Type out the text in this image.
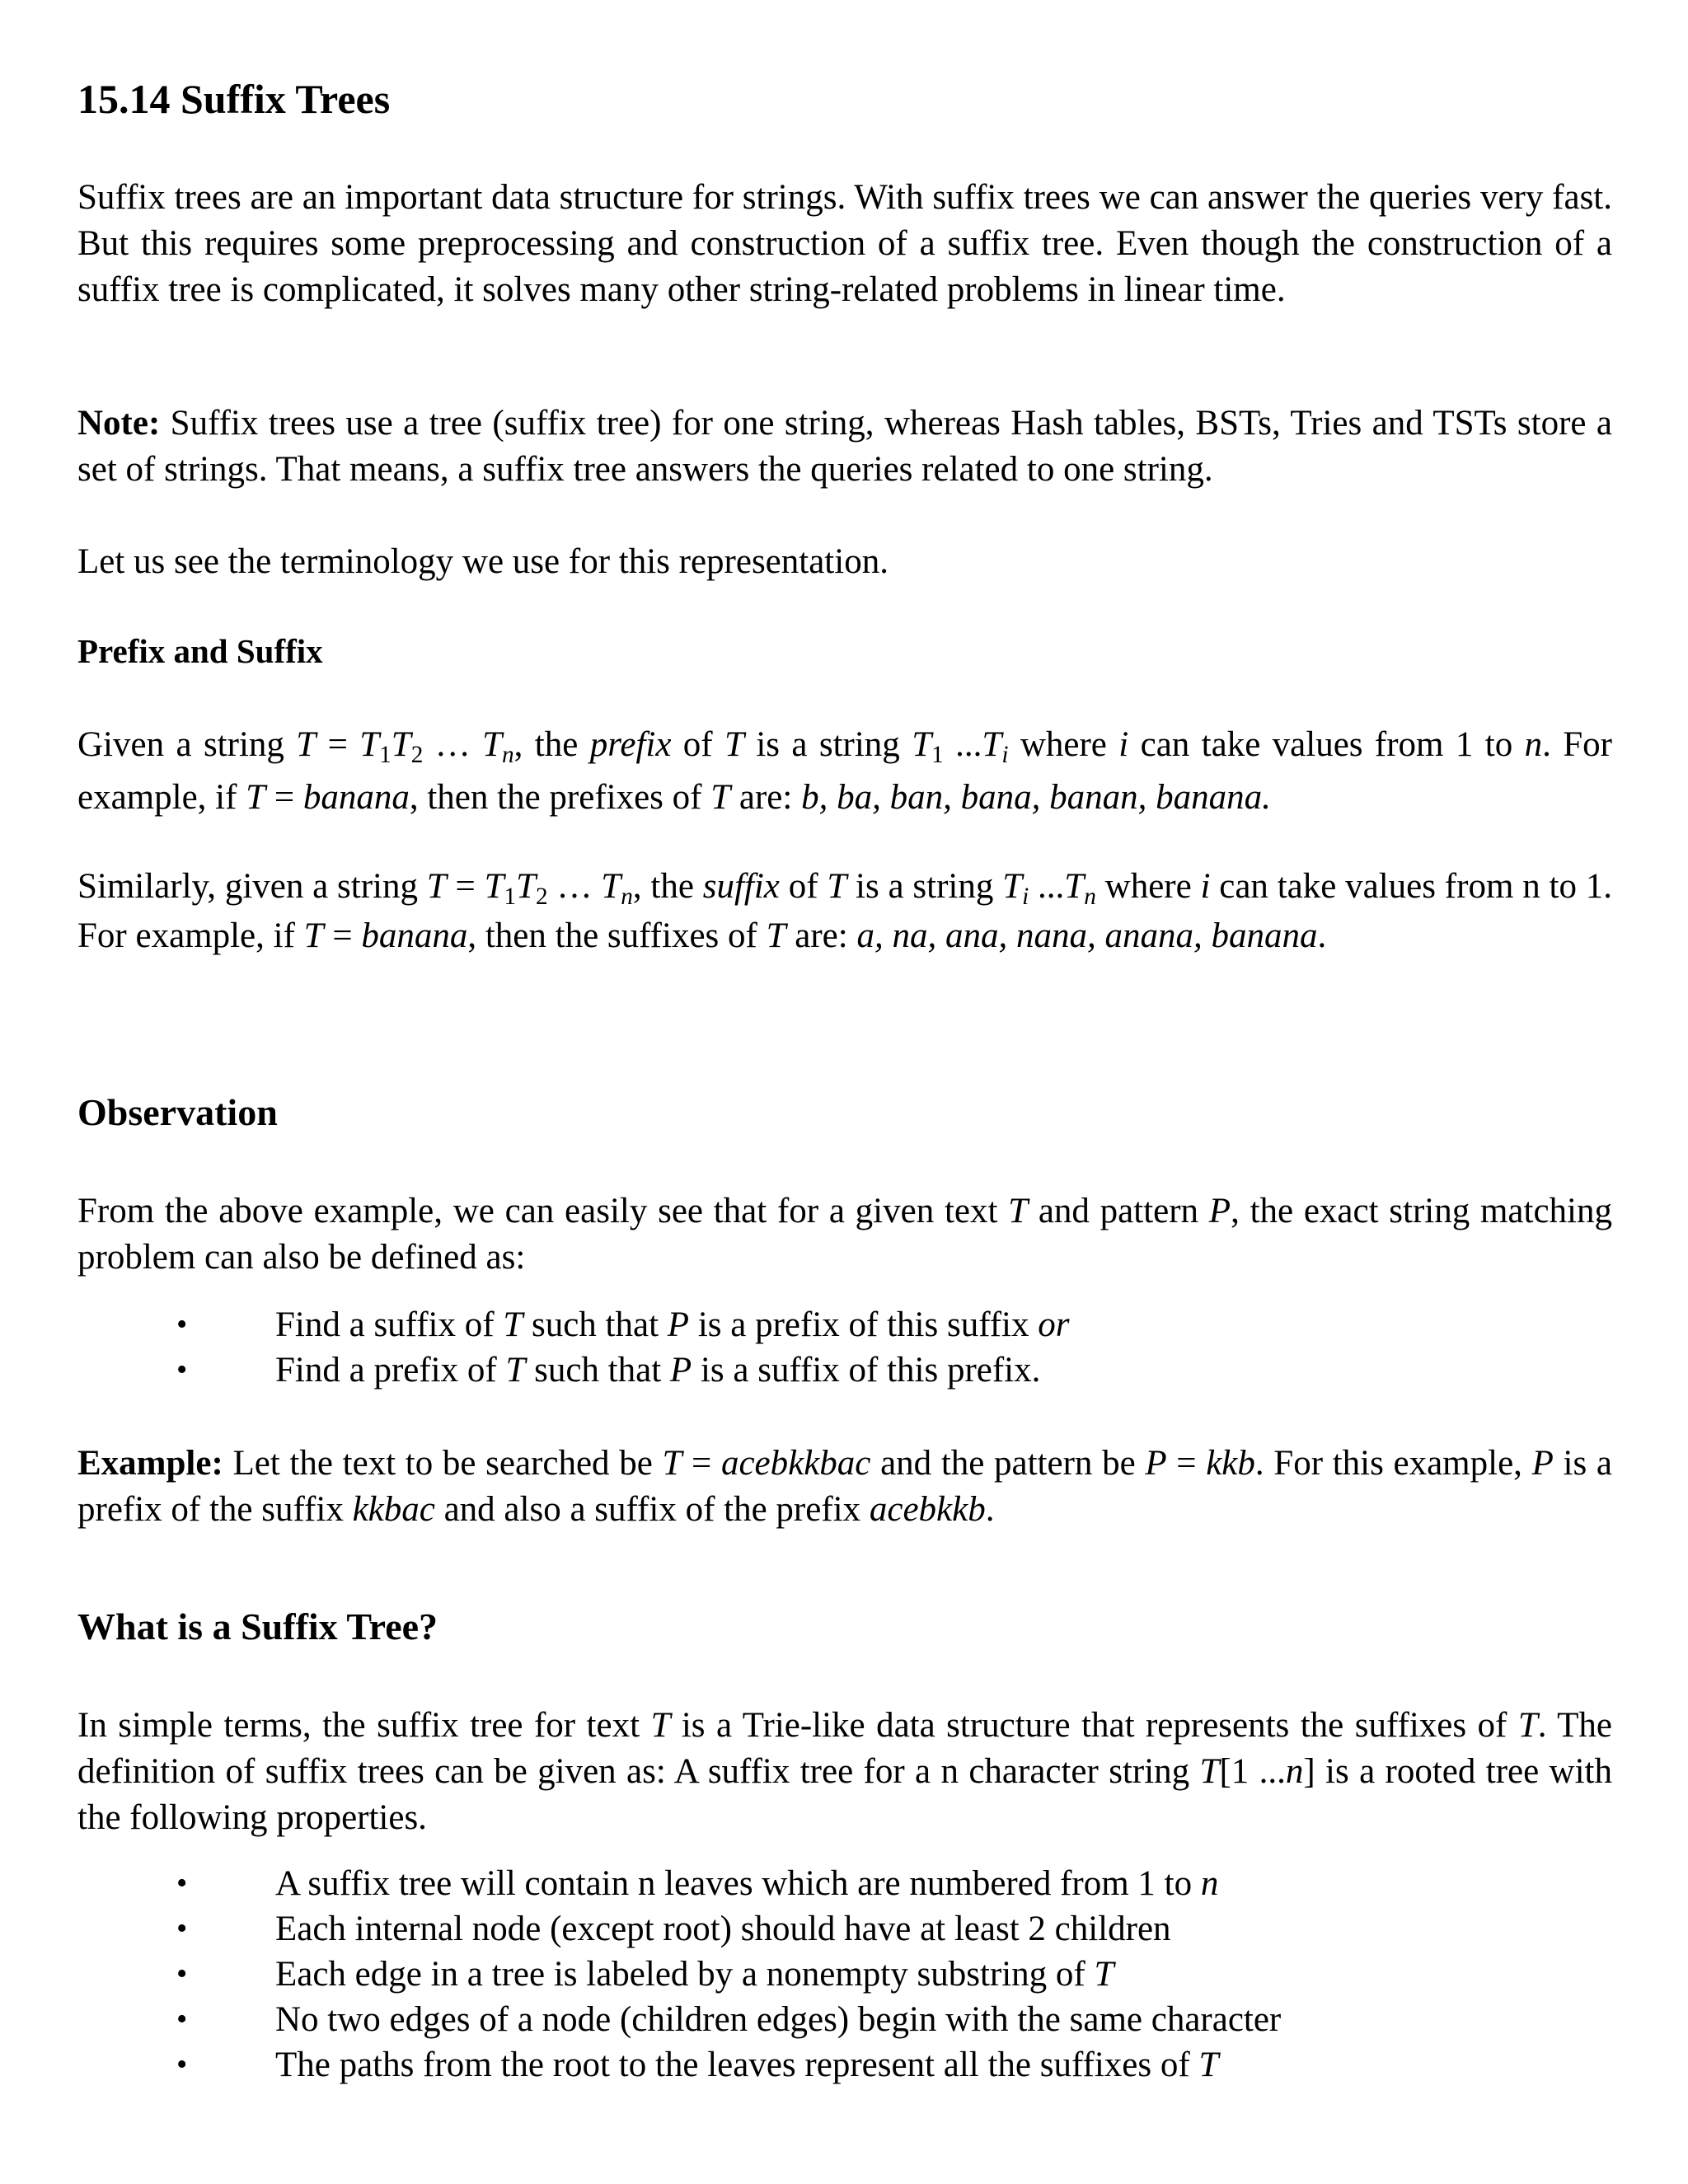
15.14 Suffix Trees

Suffix trees are an important data structure for strings. With suffix trees we can answer the queries very fast. But this requires some preprocessing and construction of a suffix tree. Even though the construction of a suffix tree is complicated, it solves many other string-related problems in linear time.

Note: Suffix trees use a tree (suffix tree) for one string, whereas Hash tables, BSTs, Tries and TSTs store a set of strings. That means, a suffix tree answers the queries related to one string.

Let us see the terminology we use for this representation.

Prefix and Suffix

Given a string $T = T_1T_2$ … $T_n$, the prefix of T is a string $T_1$ $...T_i$ where i can take values from 1 to n. For example, if T = banana, then the prefixes of T are: b, ba, ban, bana, banan, banana.

Similarly, given a string $T = T_1T_2$ … $T_n$, the suffix of T is a string $T_i$ $...T_n$ where i can take values from n to 1. For example, if T = banana, then the suffixes of T are: a, na, ana, nana, anana, banana.

Observation

From the above example, we can easily see that for a given text T and pattern P, the exact string matching problem can also be defined as:

• Find a suffix of T such that P is a prefix of this suffix or
• Find a prefix of T such that P is a suffix of this prefix.

Example: Let the text to be searched be T = acebkkbac and the pattern be P = kkb. For this example, P is a prefix of the suffix kkbac and also a suffix of the prefix acebkkb.

What is a Suffix Tree?

In simple terms, the suffix tree for text T is a Trie-like data structure that represents the suffixes of T. The definition of suffix trees can be given as: A suffix tree for a n character string T[1 ...n] is a rooted tree with the following properties.

• A suffix tree will contain n leaves which are numbered from 1 to n
• Each internal node (except root) should have at least 2 children
• Each edge in a tree is labeled by a nonempty substring of T
• No two edges of a node (children edges) begin with the same character
• The paths from the root to the leaves represent all the suffixes of T
